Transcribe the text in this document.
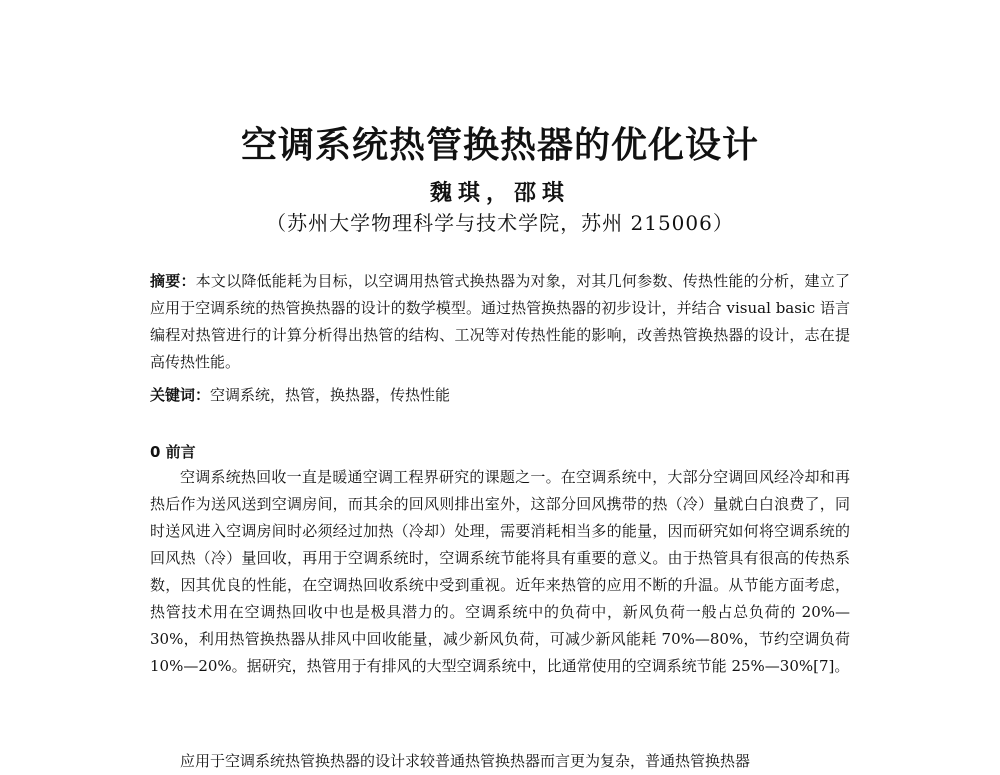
空调系统热管换热器的优化设计
魏琪，邵琪
（苏州大学物理科学与技术学院，苏州 215006）

摘要：本文以降低能耗为目标，以空调用热管式换热器为对象，对其几何参数、传热性能的分析，建立了应用于空调系统的热管换热器的设计的数学模型。通过热管换热器的初步设计，并结合 visual basic 语言编程对热管进行的计算分析得出热管的结构、工况等对传热性能的影响，改善热管换热器的设计，志在提高传热性能。

关键词：空调系统，热管，换热器，传热性能
0 前言

空调系统热回收一直是暖通空调工程界研究的课题之一。在空调系统中，大部分空调回风经冷却和再热后作为送风送到空调房间，而其余的回风则排出室外，这部分回风携带的热（冷）量就白白浪费了，同时送风进入空调房间时必须经过加热（冷却）处理，需要消耗相当多的能量，因而研究如何将空调系统的回风热（冷）量回收，再用于空调系统时，空调系统节能将具有重要的意义。由于热管具有很高的传热系数，因其优良的性能，在空调热回收系统中受到重视。近年来热管的应用不断的升温。从节能方面考虑，热管技术用在空调热回收中也是极具潜力的。空调系统中的负荷中，新风负荷一般占总负荷的 20%—30%，利用热管换热器从排风中回收能量，减少新风负荷，可减少新风能耗 70%—80%，节约空调负荷 10%—20%。据研究，热管用于有排风的大型空调系统中，比通常使用的空调系统节能 25%—30%[7]。

应用于空调系统热管换热器的设计求较普通热管换热器而言更为复杂，普通热管换热器
